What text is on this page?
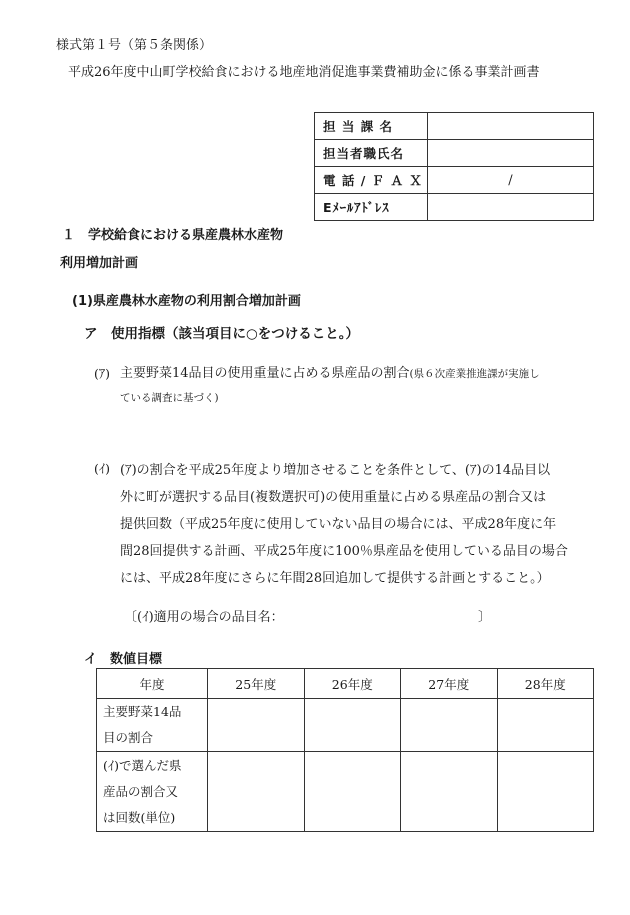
様式第１号（第５条関係）
平成26年度中山町学校給食における地産地消促進事業費補助金に係る事業計画書
担 当 課 名	
担当者職氏名	
電 話 / Ｆ Ａ Ｘ	/
Eﾒｰﾙｱﾄﾞﾚｽ	
１　学校給食における県産農林水産物
利用増加計画
(1)県産農林水産物の利用割合増加計画
ア　使用指標（該当項目に○をつけること。）
(ｱ) 主要野菜14品目の使用重量に占める県産品の割合(県６次産業推進課が実施し
ている調査に基づく)
(ｲ) (ｱ)の割合を平成25年度より増加させることを条件として、(ｱ)の14品目以
外に町が選択する品目(複数選択可)の使用重量に占める県産品の割合又は
提供回数（平成25年度に使用していない品目の場合には、平成28年度に年
間28回提供する計画、平成25年度に100％県産品を使用している品目の場合
には、平成28年度にさらに年間28回追加して提供する計画とすること。）
〔(ｲ)適用の場合の品目名：	〕
イ　数値目標
年度	25年度	26年度	27年度	28年度

主要野菜14品
目の割合				

(ｲ)で選んだ県
産品の割合又
は回数(単位)				
